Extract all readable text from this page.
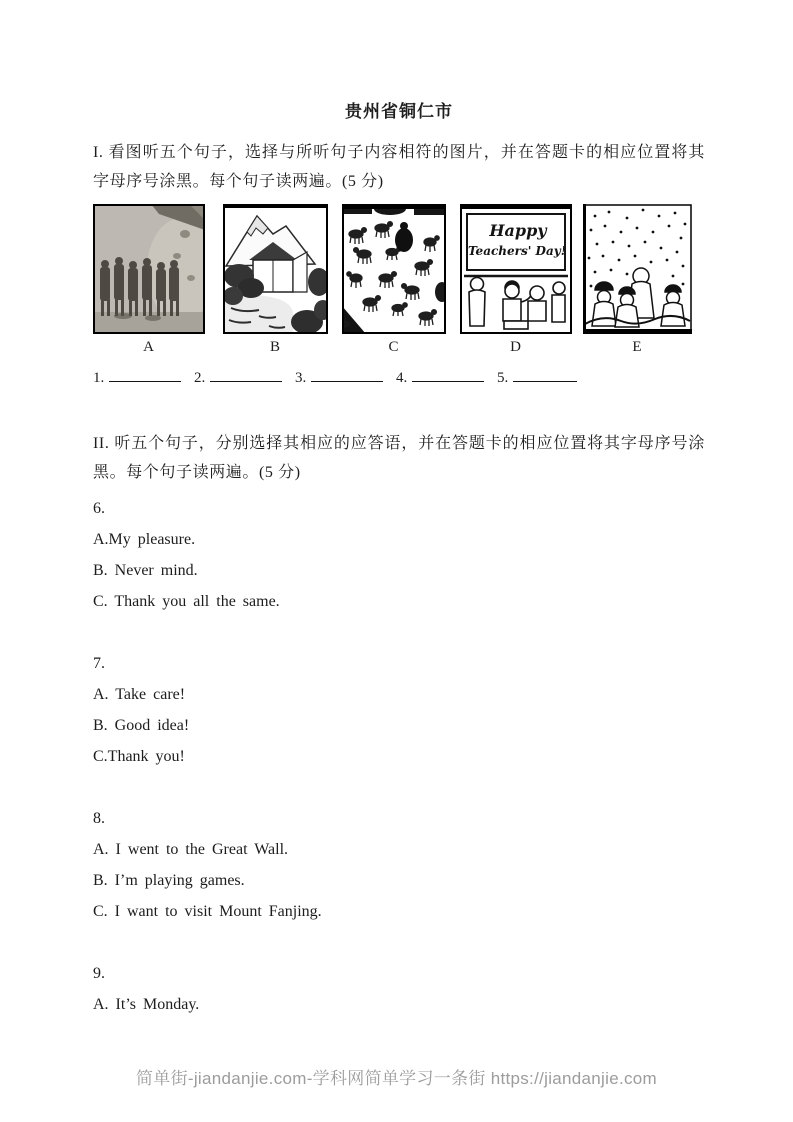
贵州省铜仁市

I. 看图听五个句子，选择与所听句子内容相符的图片，并在答题卡的相应位置将其字母序号涂黑。每个句子读两遍。(5 分)

A	B	C
Happy
Teachers' Day!
D	E
1.	2.	3.	4.	5.

II. 听五个句子，分别选择其相应的应答语，并在答题卡的相应位置将其字母序号涂黑。每个句子读两遍。(5 分)

6.

A.My pleasure.

B. Never mind.

C. Thank you all the same.

7.

A. Take care!

B. Good idea!

C.Thank you!

8.

A. I went to the Great Wall.

B. I’m playing games.

C. I want to visit Mount Fanjing.

9.

A. It’s Monday.

简单街-jiandanjie.com-学科网简单学习一条街 https://jiandanjie.com
